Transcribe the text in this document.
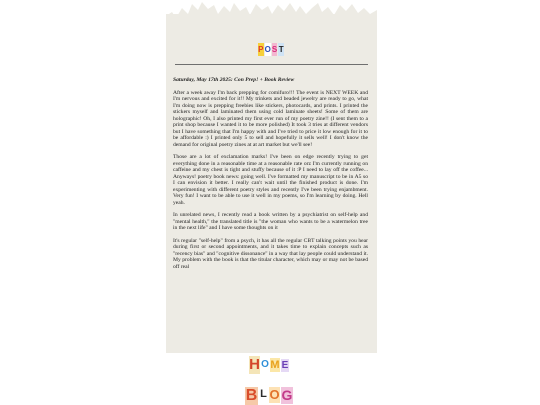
P O S T
Saturday, May 17th 2025: Con Prep! + Book Review

After a week away I'm back prepping for comifuro!!! The event is NEXT WEEK and I'm nervous and excited for it!! My trinkets and beaded jewelry are ready to go, what I'm doing now is prepping freebies like stickers, photocards, and prints. I printed the stickers myself and laminated them using cold laminate sheets! Some of them are holographic! Oh, I also printed my first ever run of my poetry zine!! (I sent them to a print shop because I wanted it to be more polished) It took 3 tries at different vendors but I have something that I'm happy with and I've tried to price it low enough for it to be affordable :) I printed only 5 to sell and hopefully it sells well! I don't know the demand for original poetry zines at at art market but we'll see!

Those are a lot of exclamation marks! I've been on edge recently trying to get everything done in a reasonable time at a reasonable rate orz I'm currently running on caffeine and my chest is tight and stuffy because of it :P I need to lay off the coffee... Anyways! poetry book news: going well. I've formatted my manuscript to be in A5 so I can envision it better. I really can't wait until the finished product is done. I'm experimenting with different poetry styles and recently I've been trying enjambment. Very fun! I want to be able to use it well in my poems, so I'm learning by doing. Hell yeah.

In unrelated news, I recently read a book written by a psychiatrist on self-help and "mental health," the translated title is "the woman who wants to be a watermelon tree in the next life" and I have some thoughts on it

It's regular "self-help" from a psych, it has all the regular CBT talking points you hear during first or second appointments, and it takes time to explain concepts such as "recency bias" and "cognitive dissonance" in a way that lay people could understand it. My problem with the book is that the titular character, which may or may not be based off real

H O M E
B L O G
